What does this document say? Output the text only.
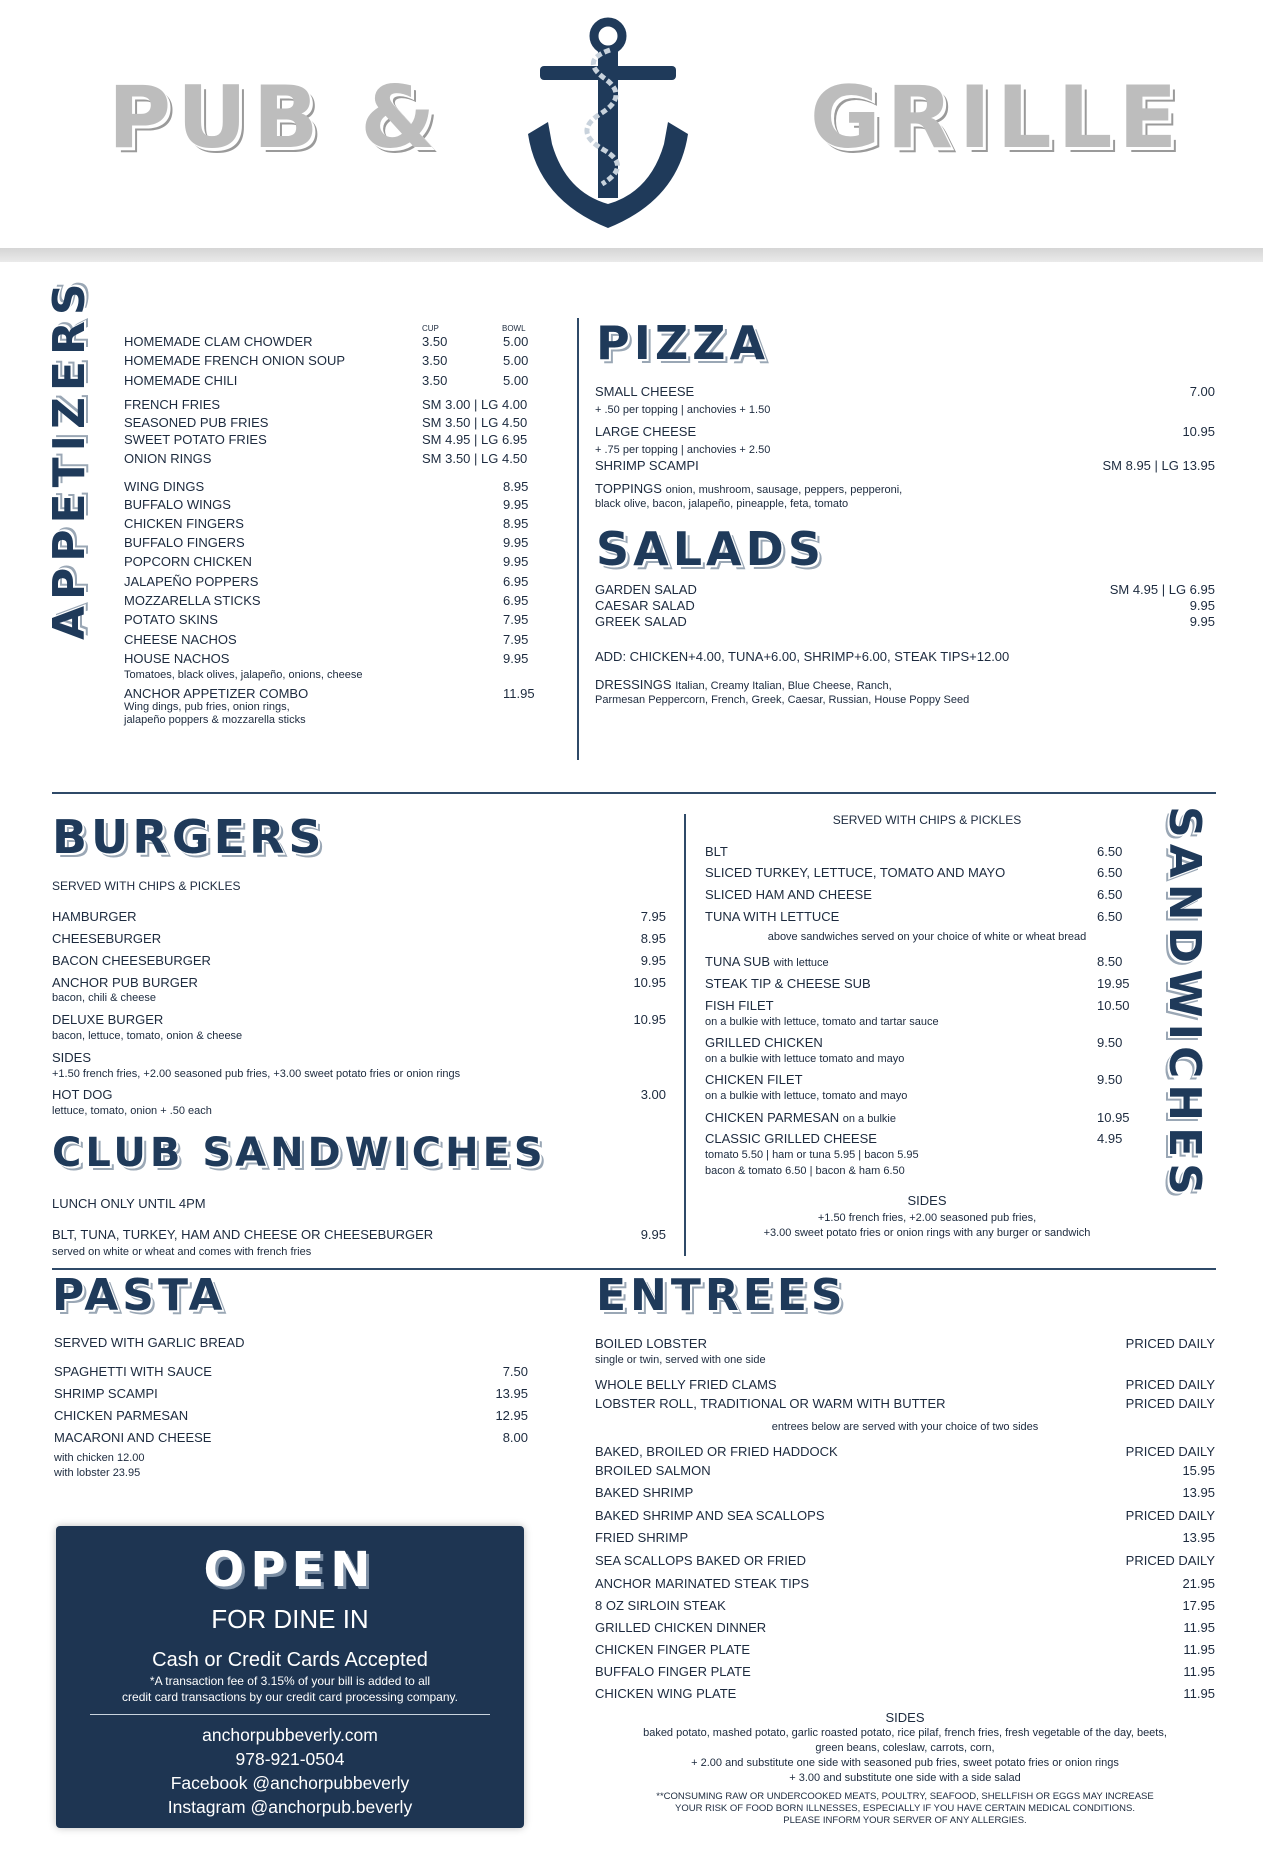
PUB &	GRILLE
APPETIZERS	CUP	BOWL
HOMEMADE CLAM CHOWDER	3.50	5.00
HOMEMADE FRENCH ONION SOUP	3.50	5.00
HOMEMADE CHILI	3.50	5.00
FRENCH FRIES	SM 3.00 | LG 4.00
SEASONED PUB FRIES	SM 3.50 | LG 4.50
SWEET POTATO FRIES	SM 4.95 | LG 6.95
ONION RINGS	SM 3.50 | LG 4.50
WING DINGS	8.95
BUFFALO WINGS	9.95
CHICKEN FINGERS	8.95
BUFFALO FINGERS	9.95
POPCORN CHICKEN	9.95
JALAPEÑO POPPERS	6.95
MOZZARELLA STICKS	6.95
POTATO SKINS	7.95
CHEESE NACHOS	7.95
HOUSE NACHOS	9.95
Tomatoes, black olives, jalapeño, onions, cheese
ANCHOR APPETIZER COMBO	11.95
Wing dings, pub fries, onion rings,
jalapeño poppers & mozzarella sticks
PIZZA
SMALL CHEESE	7.00
+ .50 per topping | anchovies + 1.50
LARGE CHEESE	10.95
+ .75 per topping | anchovies + 2.50
SHRIMP SCAMPI	SM 8.95 | LG 13.95
TOPPINGS onion, mushroom, sausage, peppers, pepperoni,
black olive, bacon, jalapeño, pineapple, feta, tomato
SALADS
GARDEN SALAD	SM 4.95 | LG 6.95
CAESAR SALAD	9.95
GREEK SALAD	9.95
ADD: CHICKEN+4.00, TUNA+6.00, SHRIMP+6.00, STEAK TIPS+12.00
DRESSINGS Italian, Creamy Italian, Blue Cheese, Ranch,
Parmesan Peppercorn, French, Greek, Caesar, Russian, House Poppy Seed
BURGERS
SERVED WITH CHIPS & PICKLES
HAMBURGER	7.95
CHEESEBURGER	8.95
BACON CHEESEBURGER	9.95
ANCHOR PUB BURGER	10.95
bacon, chili & cheese
DELUXE BURGER	10.95
bacon, lettuce, tomato, onion & cheese
SIDES
+1.50 french fries, +2.00 seasoned pub fries, +3.00 sweet potato fries or onion rings
HOT DOG	3.00
lettuce, tomato, onion + .50 each
CLUB SANDWICHES
LUNCH ONLY UNTIL 4PM
BLT, TUNA, TURKEY, HAM AND CHEESE OR CHEESEBURGER	9.95
served on white or wheat and comes with french fries
SANDWICHES
SERVED WITH CHIPS & PICKLES
BLT	6.50
SLICED TURKEY, LETTUCE, TOMATO AND MAYO	6.50
SLICED HAM AND CHEESE	6.50
TUNA WITH LETTUCE	6.50
above sandwiches served on your choice of white or wheat bread
TUNA SUB with lettuce	8.50
STEAK TIP & CHEESE SUB	19.95
FISH FILET	10.50
on a bulkie with lettuce, tomato and tartar sauce
GRILLED CHICKEN	9.50
on a bulkie with lettuce tomato and mayo
CHICKEN FILET	9.50
on a bulkie with lettuce, tomato and mayo
CHICKEN PARMESAN on a bulkie	10.95
CLASSIC GRILLED CHEESE	4.95
tomato 5.50 | ham or tuna 5.95 | bacon 5.95
bacon & tomato 6.50 | bacon & ham 6.50
SIDES
+1.50 french fries, +2.00 seasoned pub fries,
+3.00 sweet potato fries or onion rings with any burger or sandwich
PASTA
SERVED WITH GARLIC BREAD
SPAGHETTI WITH SAUCE	7.50
SHRIMP SCAMPI	13.95
CHICKEN PARMESAN	12.95
MACARONI AND CHEESE	8.00
with chicken 12.00
with lobster 23.95
OPEN
FOR DINE IN
Cash or Credit Cards Accepted
*A transaction fee of 3.15% of your bill is added to all
credit card transactions by our credit card processing company.
anchorpubbeverly.com
978-921-0504
Facebook @anchorpubbeverly
Instagram @anchorpub.beverly
ENTREES
BOILED LOBSTER	PRICED DAILY
single or twin, served with one side
WHOLE BELLY FRIED CLAMS	PRICED DAILY
LOBSTER ROLL, TRADITIONAL OR WARM WITH BUTTER	PRICED DAILY
entrees below are served with your choice of two sides
BAKED, BROILED OR FRIED HADDOCK	PRICED DAILY
BROILED SALMON	15.95
BAKED SHRIMP	13.95
BAKED SHRIMP AND SEA SCALLOPS	PRICED DAILY
FRIED SHRIMP	13.95
SEA SCALLOPS BAKED OR FRIED	PRICED DAILY
ANCHOR MARINATED STEAK TIPS	21.95
8 OZ SIRLOIN STEAK	17.95
GRILLED CHICKEN DINNER	11.95
CHICKEN FINGER PLATE	11.95
BUFFALO FINGER PLATE	11.95
CHICKEN WING PLATE	11.95
SIDES
baked potato, mashed potato, garlic roasted potato, rice pilaf, french fries, fresh vegetable of the day, beets,
green beans, coleslaw, carrots, corn,
+ 2.00 and substitute one side with seasoned pub fries, sweet potato fries or onion rings
+ 3.00 and substitute one side with a side salad
**CONSUMING RAW OR UNDERCOOKED MEATS, POULTRY, SEAFOOD, SHELLFISH OR EGGS MAY INCREASE
YOUR RISK OF FOOD BORN ILLNESSES, ESPECIALLY IF YOU HAVE CERTAIN MEDICAL CONDITIONS.
PLEASE INFORM YOUR SERVER OF ANY ALLERGIES.
